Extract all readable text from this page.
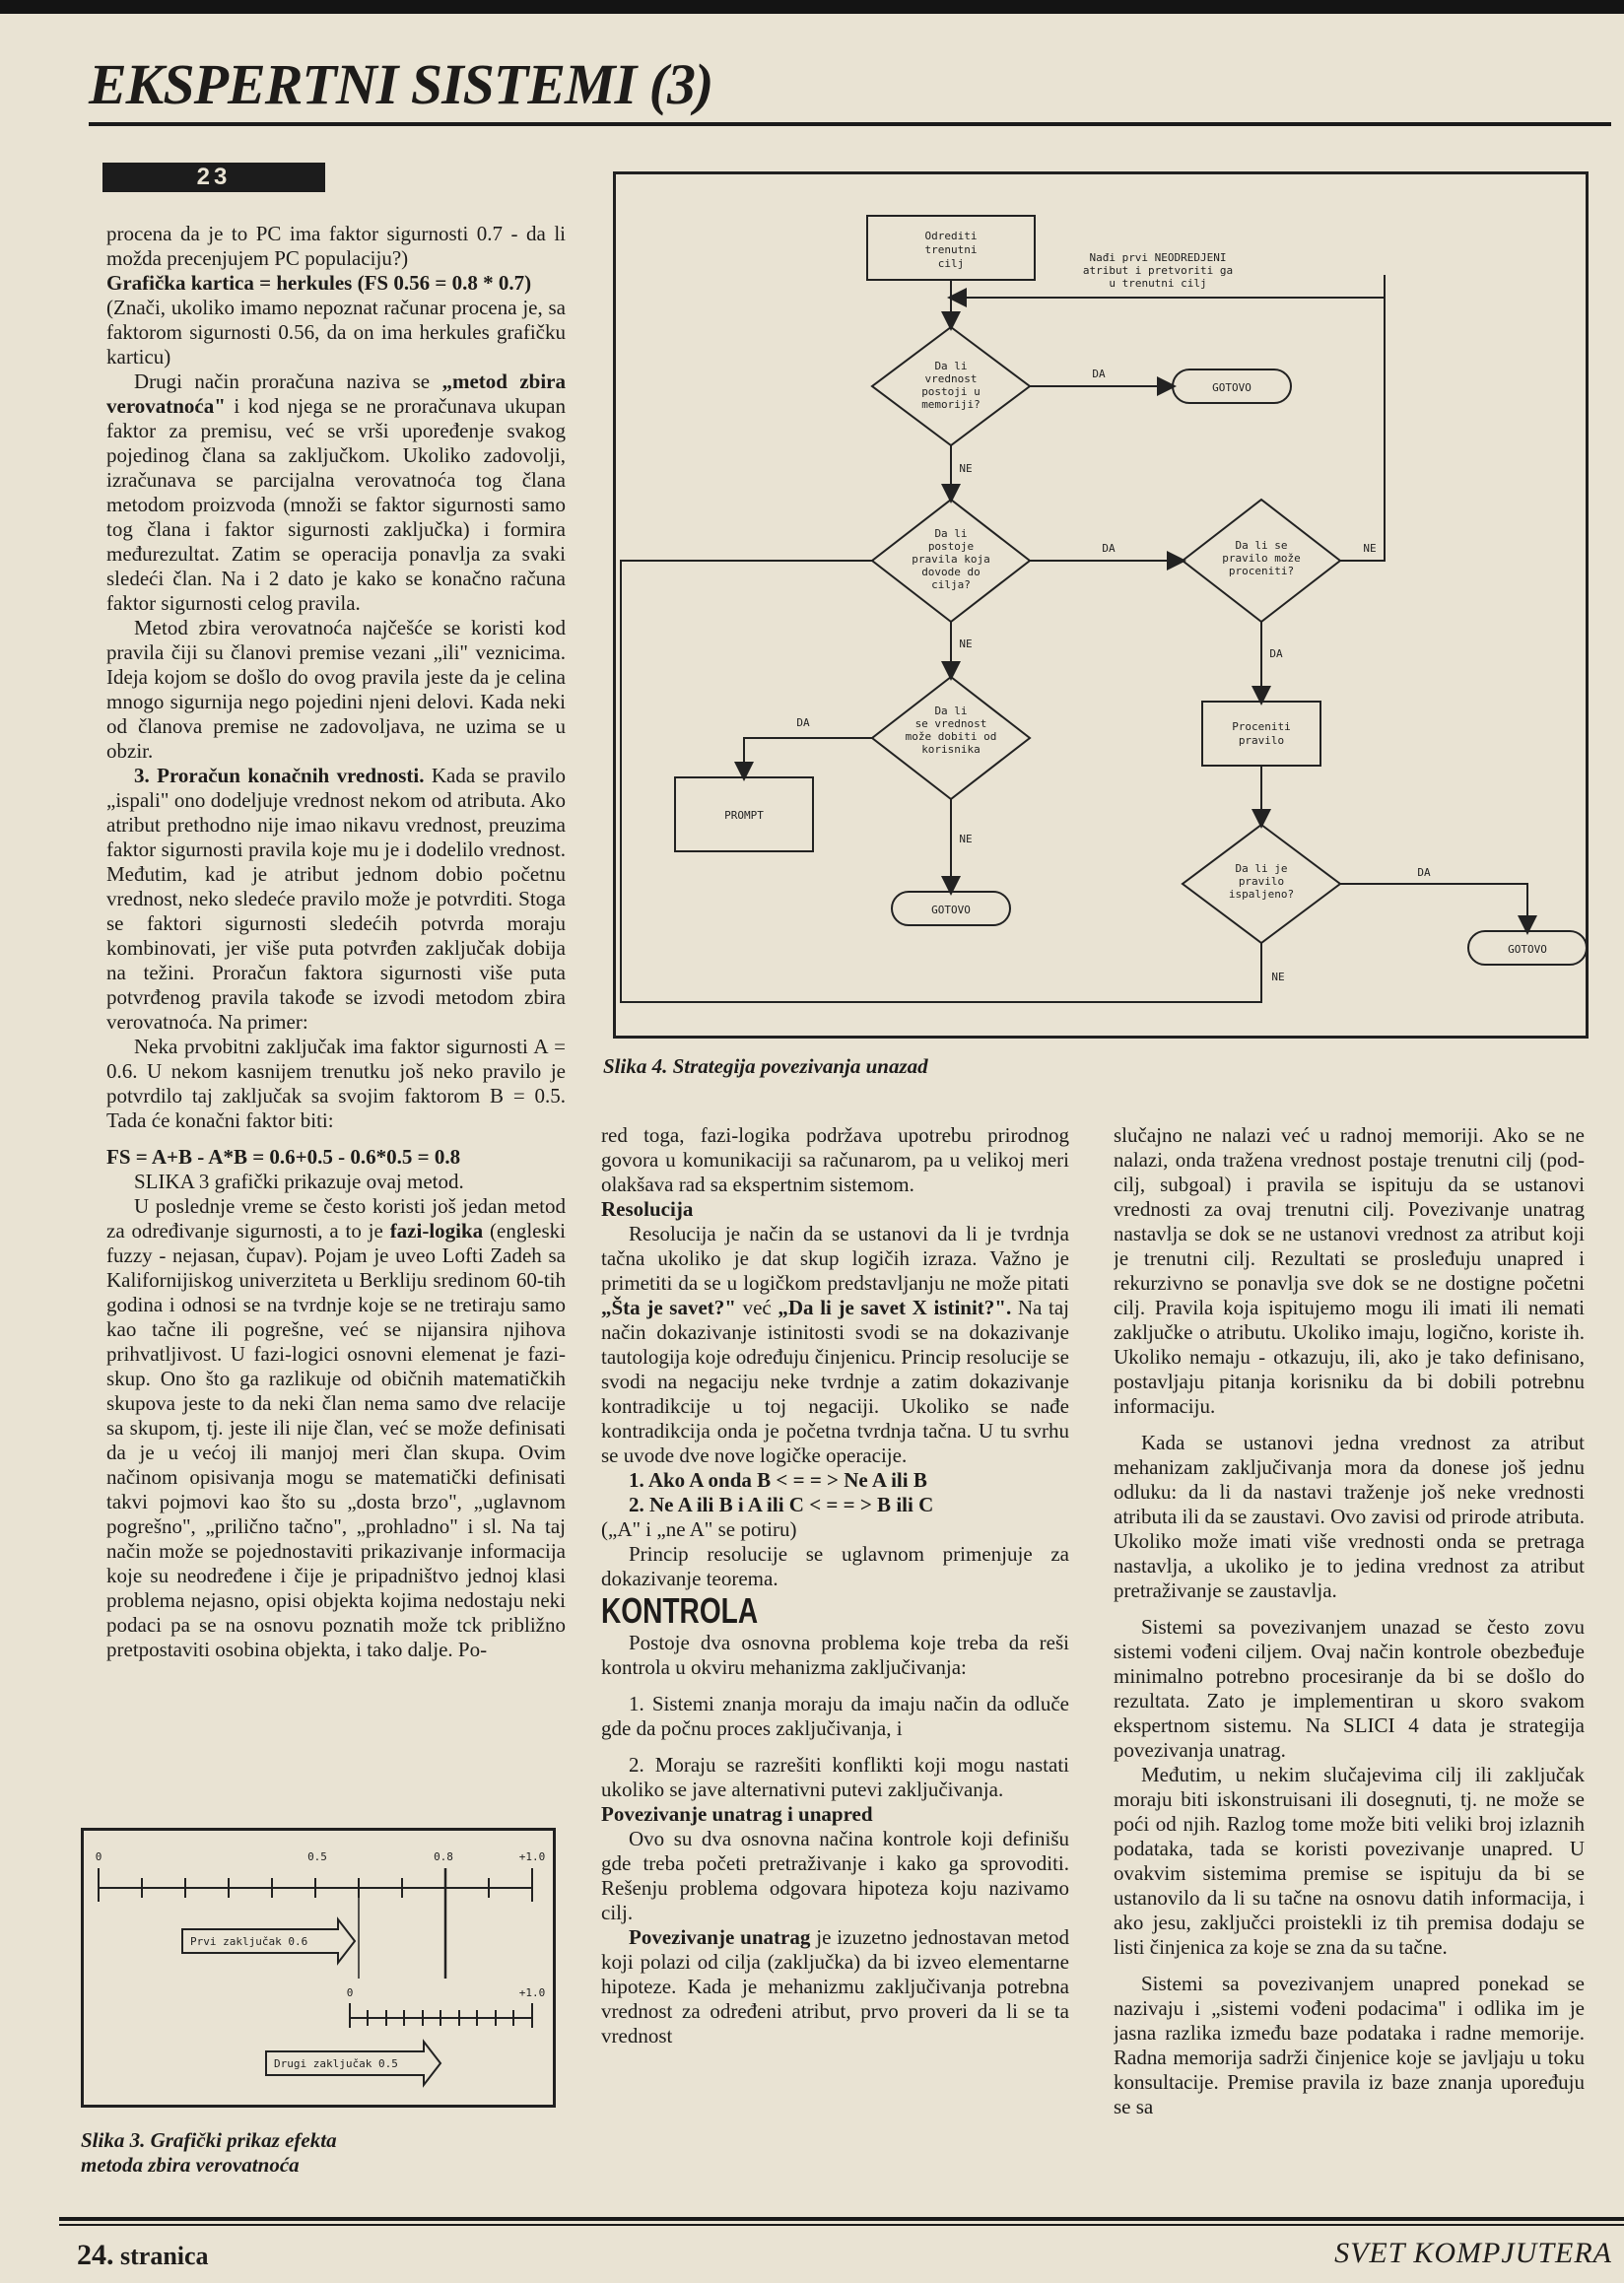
EKSPERTNI SISTEMI (3)
23

procena da je to PC ima faktor sigurnosti 0.7 - da li možda precenjujem PC populaciju?)

Grafička kartica = herkules (FS 0.56 = 0.8 * 0.7)

(Znači, ukoliko imamo nepoznat računar procena je, sa faktorom sigurnosti 0.56, da on ima herkules grafičku karticu)

Drugi način proračuna naziva se „metod zbira verovatnoća" i kod njega se ne proračunava ukupan faktor za premisu, već se vrši upoređenje svakog pojedinog člana sa zaključkom. Ukoliko zadovolji, izračunava se parcijalna verovatnoća tog člana metodom proizvoda (množi se faktor sigurnosti samo tog člana i faktor sigurnosti zaključka) i formira međurezultat. Zatim se operacija ponavlja za svaki sledeći član. Na i 2 dato je kako se konačno računa faktor sigurnosti celog pravila.

Metod zbira verovatnoća najčešće se koristi kod pravila čiji su članovi premise vezani „ili" veznicima. Ideja kojom se došlo do ovog pravila jeste da je celina mnogo sigurnija nego pojedini njeni delovi. Kada neki od članova premise ne zadovoljava, ne uzima se u obzir.

3. Proračun konačnih vrednosti. Kada se pravilo „ispali" ono dodeljuje vrednost nekom od atributa. Ako atribut prethodno nije imao nikavu vrednost, preuzima faktor sigurnosti pravila koje mu je i dodelilo vrednost. Međutim, kad je atribut jednom dobio početnu vrednost, neko sledeće pravilo može je potvrditi. Stoga se faktori sigurnosti sledećih potvrda moraju kombinovati, jer više puta potvrđen zaključak dobija na težini. Proračun faktora sigurnosti više puta potvrđenog pravila takođe se izvodi metodom zbira verovatnoća. Na primer:

Neka prvobitni zaključak ima faktor sigurnosti A = 0.6. U nekom kasnijem trenutku još neko pravilo je potvrdilo taj zaključak sa svojim faktorom B = 0.5. Tada će konačni faktor biti:

FS = A+B - A*B = 0.6+0.5 - 0.6*0.5 = 0.8

SLIKA 3 grafički prikazuje ovaj metod.

U poslednje vreme se često koristi još jedan metod za određivanje sigurnosti, a to je fazi-logika (engleski fuzzy - nejasan, čupav). Pojam je uveo Lofti Zadeh sa Kalifornijiskog univerziteta u Berkliju sredinom 60-tih godina i odnosi se na tvrdnje koje se ne tretiraju samo kao tačne ili pogrešne, već se nijansira njihova prihvatljivost. U fazi-logici osnovni elemenat je fazi-skup. Ono što ga razlikuje od običnih matematičkih skupova jeste to da neki član nema samo dve relacije sa skupom, tj. jeste ili nije član, već se može definisati da je u većoj ili manjoj meri član skupa. Ovim načinom opisivanja mogu se matematički definisati takvi pojmovi kao što su „dosta brzo", „uglavnom pogrešno", „prilično tačno", „prohladno" i sl. Na taj način može se pojednostaviti prikazivanje informacija koje su neodređene i čije je pripadništvo jednoj klasi problema nejasno, opisi objekta kojima nedostaju neki podaci pa se na osnovu poznatih može tck približno pretpostaviti osobina objekta, i tako dalje. Po-

Odrediti
trenutni
cilj	Nađi prvi NEODREDJENI
atribut i pretvoriti ga
u trenutni cilj
Da li
vrednost
postoji u
memoriji?
DA
GOTOVO
NE
Da li
postoje
pravila koja
dovode do
cilja?
DA	Da li se
pravilo može
proceniti?
NE
DA
Proceniti
pravilo
Da li je
pravilo
ispaljeno?
DA
GOTOVO
NE
NE
Da li
se vrednost
može dobiti od
korisnika
DA
PROMPT
NE
GOTOVO
Slika 4. Strategija povezivanja unazad

red toga, fazi-logika podržava upotrebu prirodnog govora u komunikaciji sa računarom, pa u velikoj meri olakšava rad sa ekspertnim sistemom.

Resolucija

Resolucija je način da se ustanovi da li je tvrdnja tačna ukoliko je dat skup logičih izraza. Važno je primetiti da se u logičkom predstavljanju ne može pitati „Šta je savet?" već „Da li je savet X istinit?". Na taj način dokazivanje istinitosti svodi se na dokazivanje tautologija koje određuju činjenicu. Princip resolucije se svodi na negaciju neke tvrdnje a zatim dokazivanje kontradikcije u toj negaciji. Ukoliko se nađe kontradikcija onda je početna tvrdnja tačna. U tu svrhu se uvode dve nove logičke operacije.

1. Ako A onda B < = = > Ne A ili B

2. Ne A ili B i A ili C < = = > B ili C

(„A" i „ne A" se potiru)

Princip resolucije se uglavnom primenjuje za dokazivanje teorema.

KONTROLA

Postoje dva osnovna problema koje treba da reši kontrola u okviru mehanizma zaključivanja:

1. Sistemi znanja moraju da imaju način da odluče gde da počnu proces zaključivanja, i

2. Moraju se razrešiti konflikti koji mogu nastati ukoliko se jave alternativni putevi zaključivanja.

Povezivanje unatrag i unapred

Ovo su dva osnovna načina kontrole koji definišu gde treba početi pretraživanje i kako ga sprovoditi. Rešenju problema odgovara hipoteza koju nazivamo cilj.

Povezivanje unatrag je izuzetno jednostavan metod koji polazi od cilja (zaključka) da bi izveo elementarne hipoteze. Kada je mehanizmu zaključivanja potrebna vrednost za određeni atribut, prvo proveri da li se ta vrednost

slučajno ne nalazi već u radnoj memoriji. Ako se ne nalazi, onda tražena vrednost postaje trenutni cilj (pod-cilj, subgoal) i pravila se ispituju da se ustanovi vrednosti za ovaj trenutni cilj. Povezivanje unatrag nastavlja se dok se ne ustanovi vrednost za atribut koji je trenutni cilj. Rezultati se prosleđuju unapred i rekurzivno se ponavlja sve dok se ne dostigne početni cilj. Pravila koja ispitujemo mogu ili imati ili nemati zaključke o atributu. Ukoliko imaju, logično, koriste ih. Ukoliko nemaju - otkazuju, ili, ako je tako definisano, postavljaju pitanja korisniku da bi dobili potrebnu informaciju.

Kada se ustanovi jedna vrednost za atribut mehanizam zaključivanja mora da donese još jednu odluku: da li da nastavi traženje još neke vrednosti atributa ili da se zaustavi. Ovo zavisi od prirode atributa. Ukoliko može imati više vrednosti onda se pretraga nastavlja, a ukoliko je to jedina vrednost za atribut pretraživanje se zaustavlja.

Sistemi sa povezivanjem unazad se često zovu sistemi vođeni ciljem. Ovaj način kontrole obezbeđuje minimalno potrebno procesiranje da bi se došlo do rezultata. Zato je implementiran u skoro svakom ekspertnom sistemu. Na SLICI 4 data je strategija povezivanja unatrag.

Međutim, u nekim slučajevima cilj ili zaključak moraju biti iskonstruisani ili dosegnuti, tj. ne može se poći od njih. Razlog tome može biti veliki broj izlaznih podataka, tada se koristi povezivanje unapred. U ovakvim sistemima premise se ispituju da bi se ustanovilo da li su tačne na osnovu datih informacija, i ako jesu, zaključci proistekli iz tih premisa dodaju se listi činjenica za koje se zna da su tačne.

Sistemi sa povezivanjem unapred ponekad se nazivaju i „sistemi vođeni podacima" i odlika im je jasna razlika između baze podataka i radne memorije. Radna memorija sadrži činjenice koje se javljaju u toku konsultacije. Premise pravila iz baze znanja upoređuju se sa

0	0.5	0.8	+1.0
0	+1.0
Prvi zaključak 0.6
Drugi zaključak 0.5
Slika 3. Grafički prikaz efekta
metoda zbira verovatnoća
24. stranica	SVET KOMPJUTERA
